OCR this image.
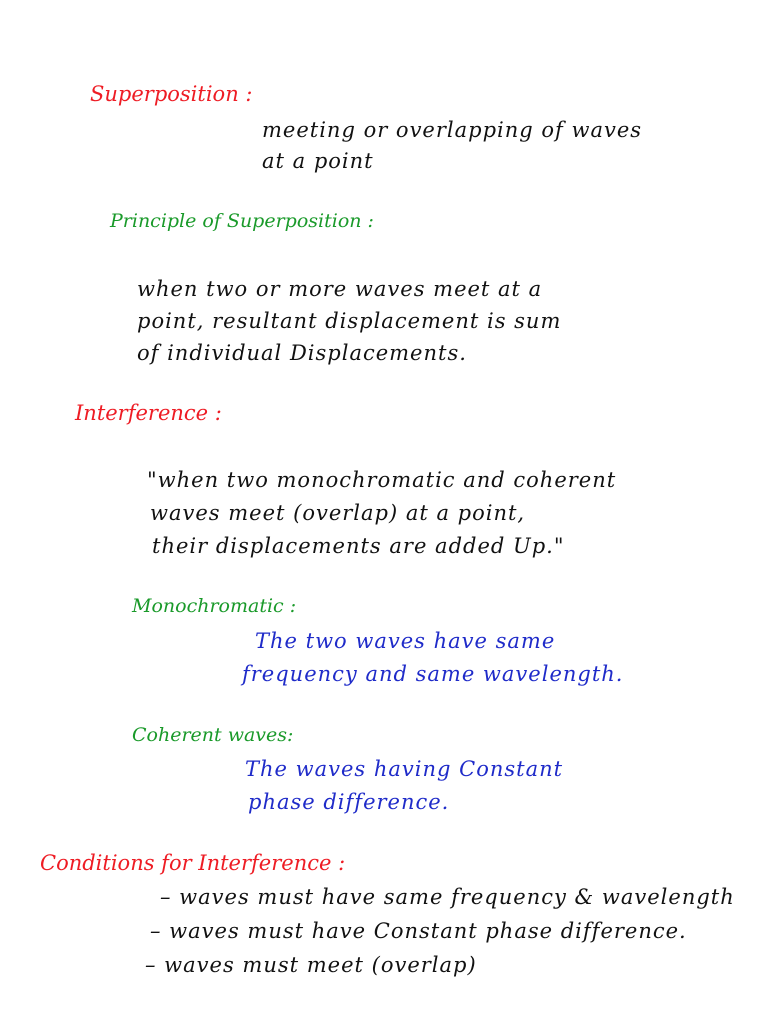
Superposition :

meeting or overlapping of waves

at a point

Principle of Superposition :

when two or more waves meet at a

point, resultant displacement is sum

of individual Displacements.

Interference :

"when two monochromatic and coherent

waves meet (overlap) at a point,

their displacements are added Up."

Monochromatic :

The two waves have same

frequency and same wavelength.

Coherent waves:

The waves having Constant

phase difference.

Conditions for Interference :

– waves must have same frequency & wavelength

– waves must have Constant phase difference.

– waves must meet (overlap)
